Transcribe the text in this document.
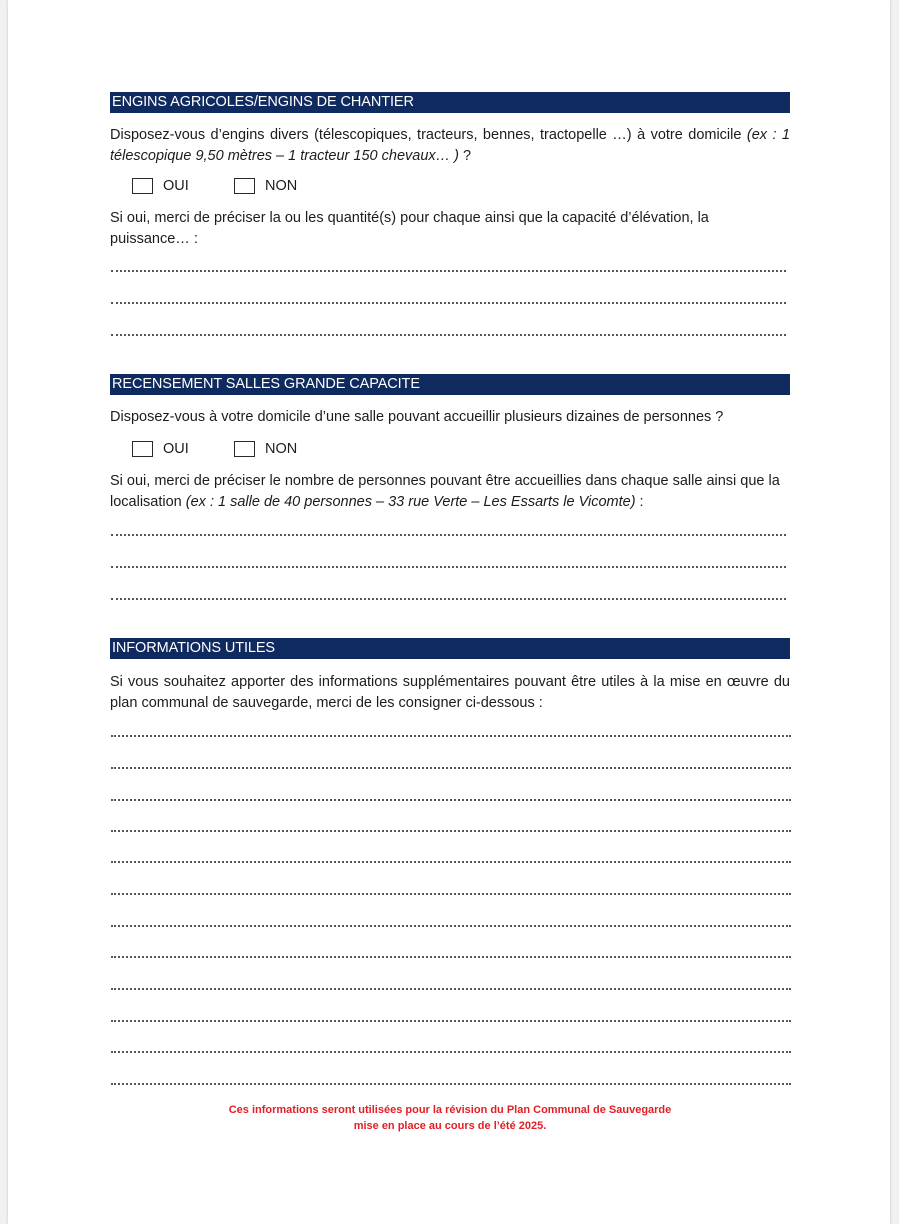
ENGINS AGRICOLES/ENGINS DE CHANTIER
Disposez-vous d’engins divers (télescopiques, tracteurs, bennes, tractopelle …) à votre domicile (ex : 1 télescopique 9,50 mètres – 1 tracteur 150 chevaux… ) ?
OUI	NON
Si oui, merci de préciser la ou les quantité(s) pour chaque ainsi que la capacité d’élévation, la puissance… :
RECENSEMENT SALLES GRANDE CAPACITE
Disposez-vous à votre domicile d’une salle pouvant accueillir plusieurs dizaines de personnes ?
OUI	NON
Si oui, merci de préciser le nombre de personnes pouvant être accueillies dans chaque salle ainsi que la localisation (ex : 1 salle de 40 personnes – 33 rue Verte – Les Essarts le Vicomte) :
INFORMATIONS UTILES
Si vous souhaitez apporter des informations supplémentaires pouvant être utiles à la mise en œuvre du plan communal de sauvegarde, merci de les consigner ci-dessous :
Ces informations seront utilisées pour la révision du Plan Communal de Sauvegarde
mise en place au cours de l’été 2025.
